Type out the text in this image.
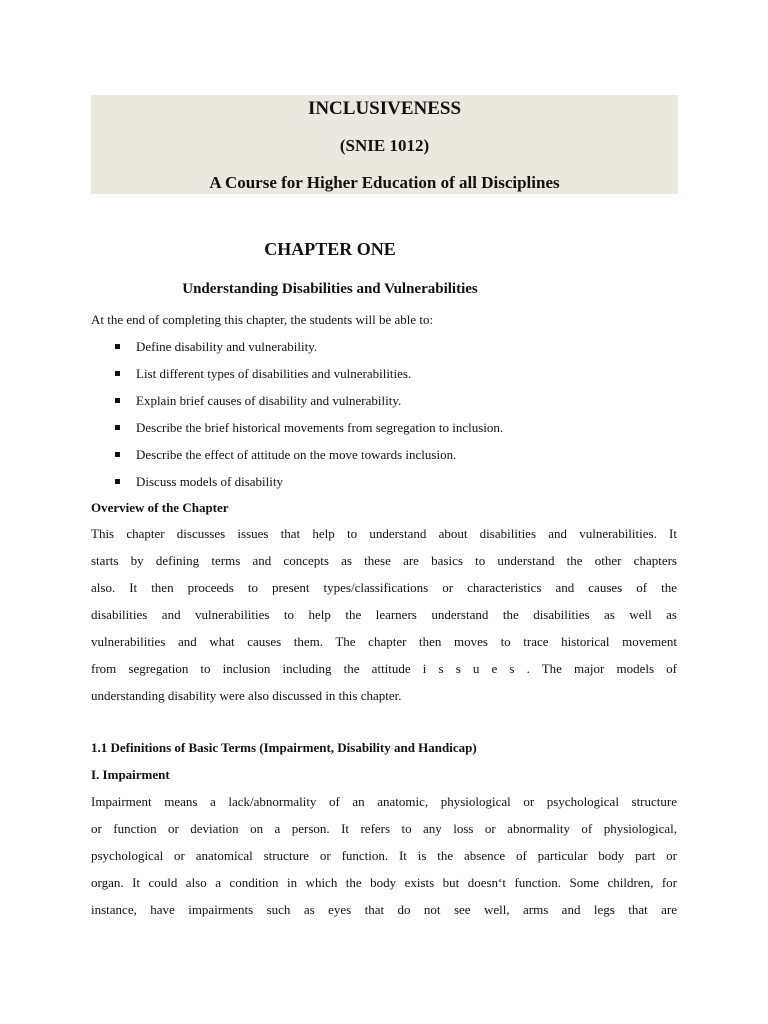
INCLUSIVENESS
(SNIE 1012)
A Course for Higher Education of all Disciplines
CHAPTER ONE
Understanding Disabilities and Vulnerabilities
At the end of completing this chapter, the students will be able to:
Define disability and vulnerability.
List different types of disabilities and vulnerabilities.
Explain brief causes of disability and vulnerability.
Describe the brief historical movements from segregation to inclusion.
Describe the effect of attitude on the move towards inclusion.
Discuss models of disability
Overview of the Chapter
This chapter discusses issues that help to understand about disabilities and vulnerabilities. It
starts by defining terms and concepts as these are basics to understand the other chapters
also. It then proceeds to present types/classifications or characteristics and causes of the
disabilities and vulnerabilities to help the learners understand the disabilities as well as
vulnerabilities and what causes them. The chapter then moves to trace historical movement
from segregation to inclusion including the attitude i s s u e s . The major models of
understanding disability were also discussed in this chapter.
1.1 Definitions of Basic Terms (Impairment, Disability and Handicap)
I. Impairment
Impairment means a lack/abnormality of an anatomic, physiological or psychological structure
or function or deviation on a person. It refers to any loss or abnormality of physiological,
psychological or anatomical structure or function. It is the absence of particular body part or
organ. It could also a condition in which the body exists but doesn‘t function. Some children, for
instance, have impairments such as eyes that do not see well, arms and legs that are
